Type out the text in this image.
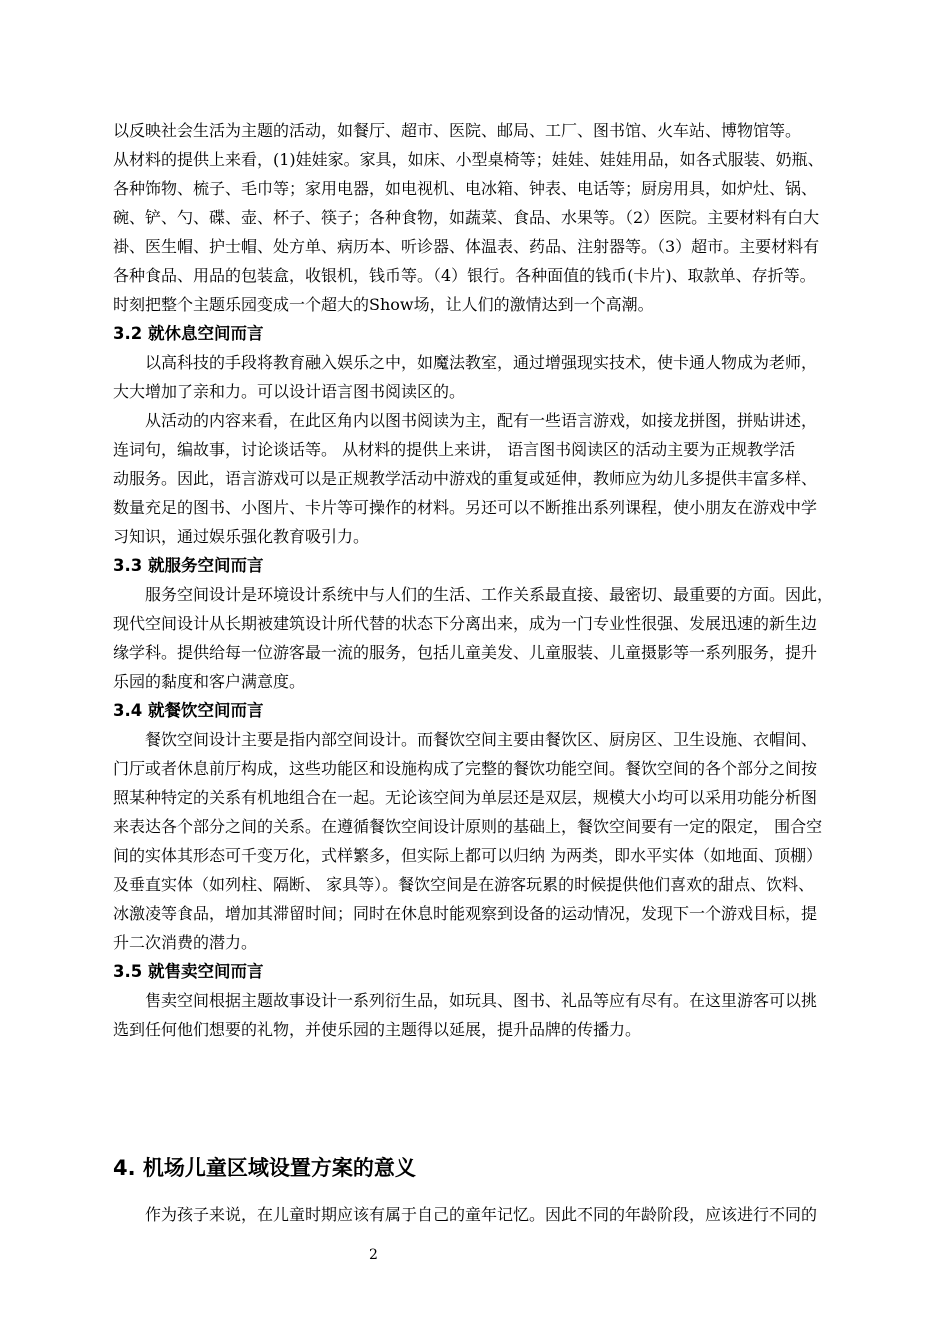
以反映社会生活为主题的活动，如餐厅、超市、医院、邮局、工厂、图书馆、火车站、博物馆等。
从材料的提供上来看，(1)娃娃家。家具，如床、小型桌椅等；娃娃、娃娃用品，如各式服装、奶瓶、
各种饰物、梳子、毛巾等；家用电器，如电视机、电冰箱、钟表、电话等；厨房用具，如炉灶、锅、
碗、铲、勺、碟、壶、杯子、筷子；各种食物，如蔬菜、食品、水果等。（2）医院。主要材料有白大
褂、医生帽、护士帽、处方单、病历本、听诊器、体温表、药品、注射器等。（3）超市。主要材料有
各种食品、用品的包装盒，收银机，钱币等。（4）银行。各种面值的钱币(卡片)、取款单、存折等。
时刻把整个主题乐园变成一个超大的Show场，让人们的激情达到一个高潮。
3.2 就休息空间而言
以高科技的手段将教育融入娱乐之中，如魔法教室，通过增强现实技术，使卡通人物成为老师，
大大增加了亲和力。可以设计语言图书阅读区的。
从活动的内容来看，在此区角内以图书阅读为主，配有一些语言游戏，如接龙拼图，拼贴讲述，
连词句，编故事，讨论谈话等。 从材料的提供上来讲， 语言图书阅读区的活动主要为正规教学活
动服务。因此，语言游戏可以是正规教学活动中游戏的重复或延伸，教师应为幼儿多提供丰富多样、
数量充足的图书、小图片、卡片等可操作的材料。另还可以不断推出系列课程，使小朋友在游戏中学
习知识，通过娱乐强化教育吸引力。
3.3 就服务空间而言
服务空间设计是环境设计系统中与人们的生活、工作关系最直接、最密切、最重要的方面。因此，
现代空间设计从长期被建筑设计所代替的状态下分离出来，成为一门专业性很强、发展迅速的新生边
缘学科。提供给每一位游客最一流的服务，包括儿童美发、儿童服装、儿童摄影等一系列服务，提升
乐园的黏度和客户满意度。
3.4 就餐饮空间而言
餐饮空间设计主要是指内部空间设计。而餐饮空间主要由餐饮区、厨房区、卫生设施、衣帽间、
门厅或者休息前厅构成，这些功能区和设施构成了完整的餐饮功能空间。餐饮空间的各个部分之间按
照某种特定的关系有机地组合在一起。无论该空间为单层还是双层，规模大小均可以采用功能分析图
来表达各个部分之间的关系。在遵循餐饮空间设计原则的基础上，餐饮空间要有一定的限定， 围合空
间的实体其形态可千变万化，式样繁多，但实际上都可以归纳 为两类，即水平实体（如地面、顶棚）
及垂直实体（如列柱、隔断、 家具等）。餐饮空间是在游客玩累的时候提供他们喜欢的甜点、饮料、
冰激凌等食品，增加其滞留时间；同时在休息时能观察到设备的运动情况，发现下一个游戏目标，提
升二次消费的潜力。
3.5 就售卖空间而言
售卖空间根据主题故事设计一系列衍生品，如玩具、图书、礼品等应有尽有。在这里游客可以挑
选到任何他们想要的礼物，并使乐园的主题得以延展，提升品牌的传播力。
4. 机场儿童区域设置方案的意义
作为孩子来说，在儿童时期应该有属于自己的童年记忆。因此不同的年龄阶段，应该进行不同的
2
